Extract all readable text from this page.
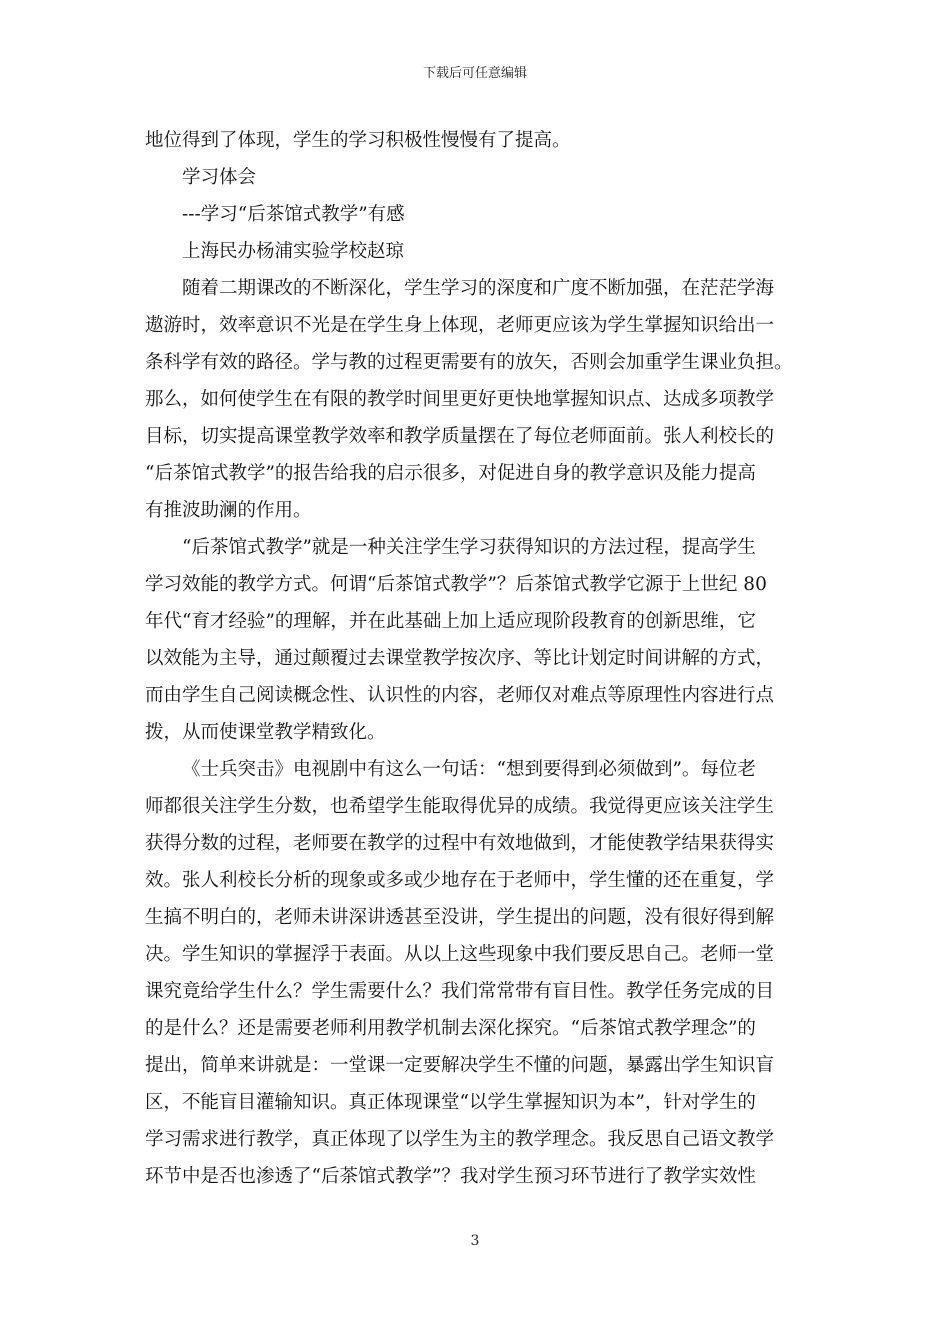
下载后可任意编辑
地位得到了体现，学生的学习积极性慢慢有了提高。
学习体会
---学习“后茶馆式教学”有感
上海民办杨浦实验学校赵琼
随着二期课改的不断深化，学生学习的深度和广度不断加强，在茫茫学海
遨游时，效率意识不光是在学生身上体现，老师更应该为学生掌握知识给出一
条科学有效的路径。学与教的过程更需要有的放矢，否则会加重学生课业负担。
那么，如何使学生在有限的教学时间里更好更快地掌握知识点、达成多项教学
目标，切实提高课堂教学效率和教学质量摆在了每位老师面前。张人利校长的
“后茶馆式教学”的报告给我的启示很多，对促进自身的教学意识及能力提高
有推波助澜的作用。
“后茶馆式教学”就是一种关注学生学习获得知识的方法过程，提高学生
学习效能的教学方式。何谓“后茶馆式教学”？后茶馆式教学它源于上世纪 80
年代“育才经验”的理解，并在此基础上加上适应现阶段教育的创新思维，它
以效能为主导，通过颠覆过去课堂教学按次序、等比计划定时间讲解的方式，
而由学生自己阅读概念性、认识性的内容，老师仅对难点等原理性内容进行点
拨，从而使课堂教学精致化。
《士兵突击》电视剧中有这么一句话：“想到要得到必须做到”。每位老
师都很关注学生分数，也希望学生能取得优异的成绩。我觉得更应该关注学生
获得分数的过程，老师要在教学的过程中有效地做到，才能使教学结果获得实
效。张人利校长分析的现象或多或少地存在于老师中，学生懂的还在重复，学
生搞不明白的，老师未讲深讲透甚至没讲，学生提出的问题，没有很好得到解
决。学生知识的掌握浮于表面。从以上这些现象中我们要反思自己。老师一堂
课究竟给学生什么？学生需要什么？我们常常带有盲目性。教学任务完成的目
的是什么？还是需要老师利用教学机制去深化探究。“后茶馆式教学理念”的
提出，简单来讲就是：一堂课一定要解决学生不懂的问题，暴露出学生知识盲
区，不能盲目灌输知识。真正体现课堂“以学生掌握知识为本”，针对学生的
学习需求进行教学，真正体现了以学生为主的教学理念。我反思自己语文教学
环节中是否也渗透了“后茶馆式教学”？我对学生预习环节进行了教学实效性
3
